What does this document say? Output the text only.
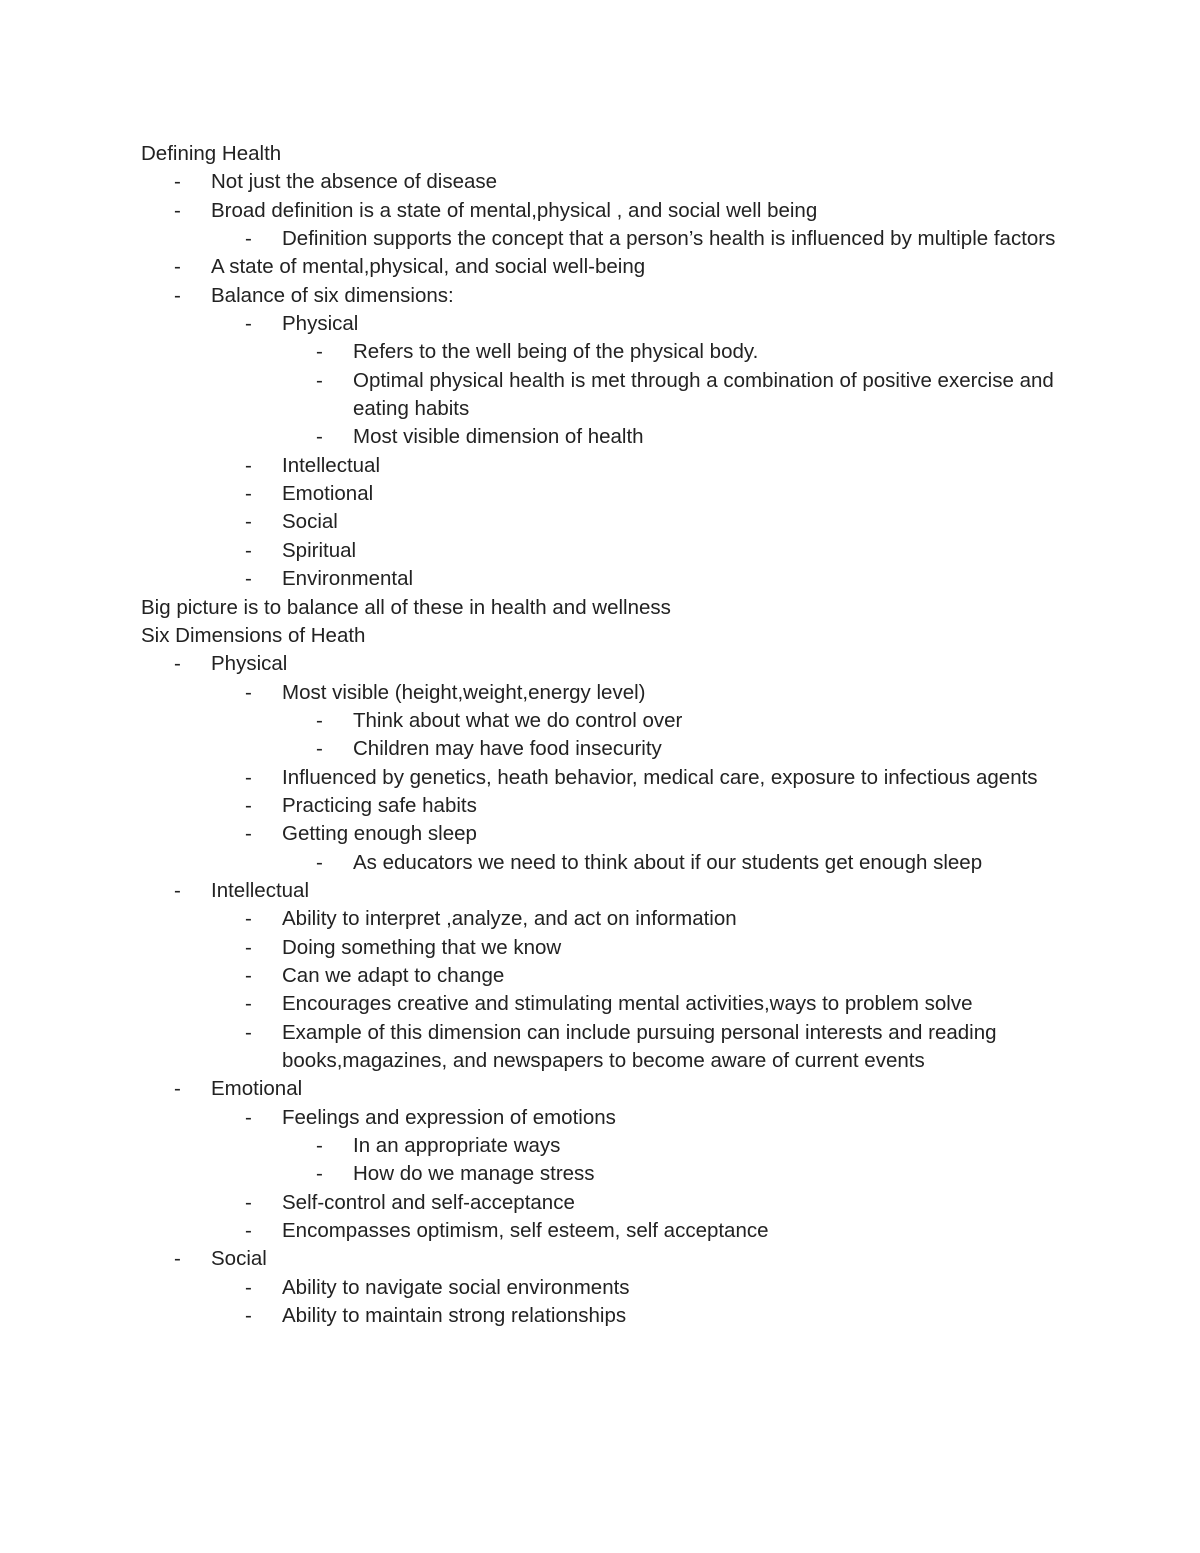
Defining Health
- Not just the absence of disease
- Broad definition is a state of mental,physical , and social well being
- Definition supports the concept that a person’s health is influenced by multiple factors
- A state of mental,physical, and social well-being
- Balance of six dimensions:
- Physical
- Refers to the well being of the physical body.
- Optimal physical health is met through a combination of positive exercise and eating habits
- Most visible dimension of health
- Intellectual
- Emotional
- Social
- Spiritual
- Environmental
Big picture is to balance all of these in health and wellness
Six Dimensions of Heath
- Physical
- Most visible (height,weight,energy level)
- Think about what we do control over
- Children may have food insecurity
- Influenced by genetics, heath behavior, medical care, exposure to infectious agents
- Practicing safe habits
- Getting enough sleep
- As educators we need to think about if our students get enough sleep
- Intellectual
- Ability to interpret ,analyze, and act on information
- Doing something that we know
- Can we adapt to change
- Encourages creative and stimulating mental activities,ways to problem solve
- Example of this dimension can include pursuing personal interests and reading books,magazines, and newspapers to become aware of current events
- Emotional
- Feelings and expression of emotions
- In an appropriate ways
- How do we manage stress
- Self-control and self-acceptance
- Encompasses optimism, self esteem, self acceptance
- Social
- Ability to navigate social environments
- Ability to maintain strong relationships
